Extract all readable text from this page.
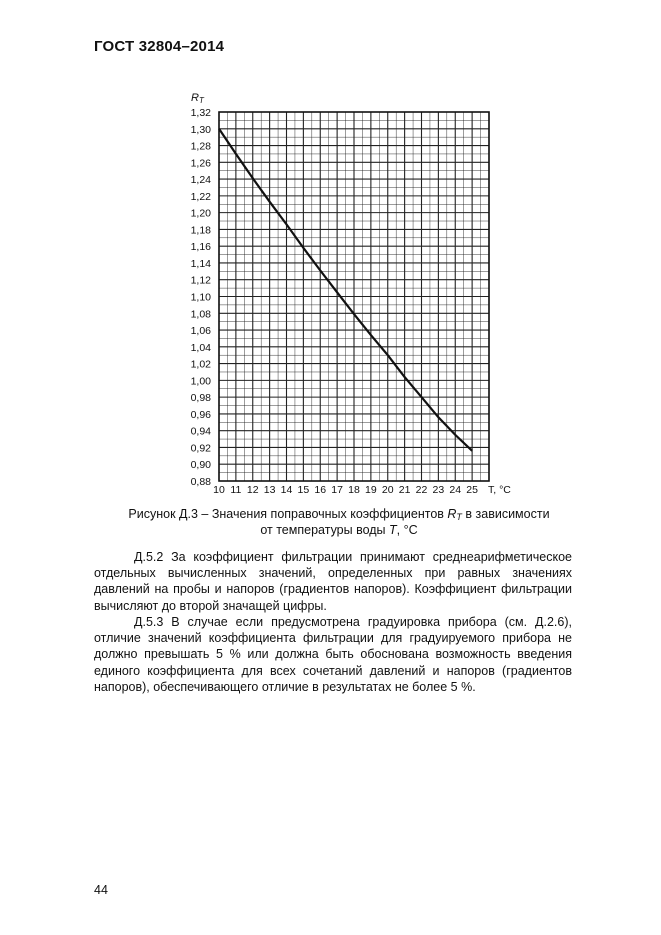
ГОСТ 32804–2014
0,88
0,90
0,92
0,94
0,96
0,98
1,00
1,02
1,04
1,06
1,08
1,10
1,12
1,14
1,16
1,18
1,20
1,22
1,24
1,26
1,28
1,30
1,32
10 11 12 13 14 15 16 17 18 19 20 21 22 23 24 25
RT
T, °C
Рисунок Д.3 – Значения поправочных коэффициентов $R_T$ в зависимости
от температуры воды T, °С
Д.5.2 За коэффициент фильтрации принимают среднеарифметическое отдельных вычисленных значений, определенных при равных значениях давлений на пробы и напоров (градиентов напоров). Коэффициент фильтрации вычисляют до второй значащей цифры.
Д.5.3 В случае если предусмотрена градуировка прибора (см. Д.2.6), отличие значений коэффициента фильтрации для градуируемого прибора не должно превышать 5 % или должна быть обоснована возможность введения единого коэффициента для всех сочетаний давлений и напоров (градиентов напоров), обеспечивающего отличие в результатах не более 5 %.
44
